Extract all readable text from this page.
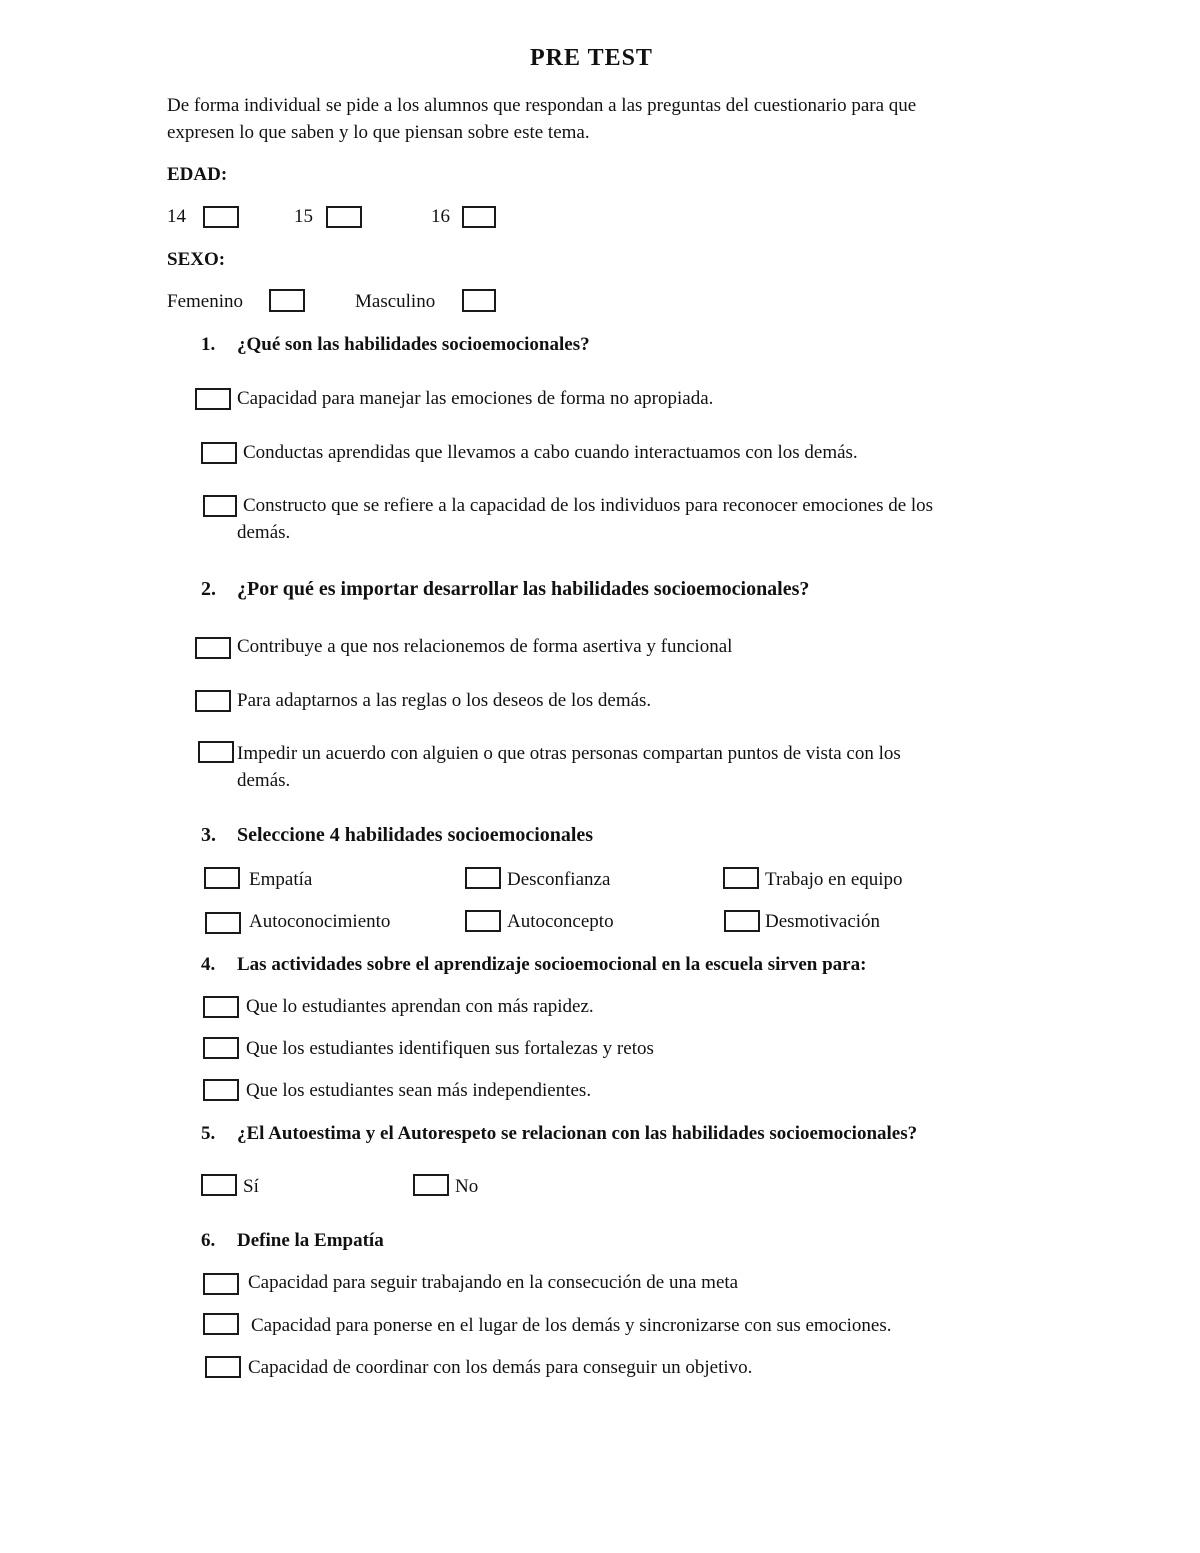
PRE TEST
De forma individual se pide a los alumnos que respondan a las preguntas del cuestionario para que
expresen lo que saben y lo que piensan sobre este tema.
EDAD:
14	15	16
SEXO:
Femenino	Masculino
1. ¿Qué son las habilidades socioemocionales?
Capacidad para manejar las emociones de forma no apropiada.
Conductas aprendidas que llevamos a cabo cuando interactuamos con los demás.
Constructo que se refiere a la capacidad de los individuos para reconocer emociones de los
demás.
2. ¿Por qué es importar desarrollar las habilidades socioemocionales?
Contribuye a que nos relacionemos de forma asertiva y funcional
Para adaptarnos a las reglas o los deseos de los demás.
Impedir un acuerdo con alguien o que otras personas compartan puntos de vista con los
demás.
3. Seleccione 4 habilidades socioemocionales
Empatía	Desconfianza	Trabajo en equipo
Autoconocimiento	Autoconcepto	Desmotivación
4. Las actividades sobre el aprendizaje socioemocional en la escuela sirven para:
Que lo estudiantes aprendan con más rapidez.
Que los estudiantes identifiquen sus fortalezas y retos
Que los estudiantes sean más independientes.
5. ¿El Autoestima y el Autorespeto se relacionan con las habilidades socioemocionales?
Sí	No
6. Define la Empatía
Capacidad para seguir trabajando en la consecución de una meta
Capacidad para ponerse en el lugar de los demás y sincronizarse con sus emociones.
Capacidad de coordinar con los demás para conseguir un objetivo.
